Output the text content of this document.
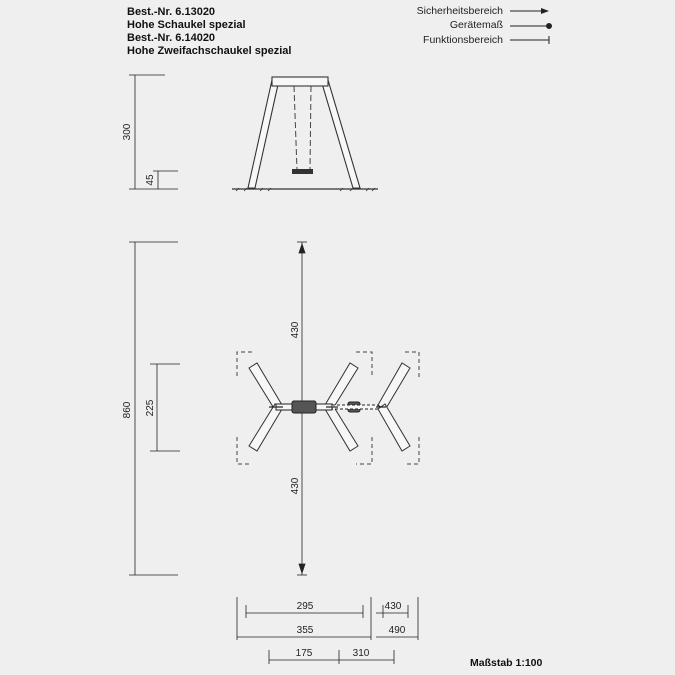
Best.-Nr. 6.13020
Hohe Schaukel spezial
Best.-Nr. 6.14020
Hohe Zweifachschaukel spezial
Sicherheitsbereich
Gerätemaß
Funktionsbereich
Maßstab 1:100
300
45
860 225
430
430
295
355
430
490
175	310
